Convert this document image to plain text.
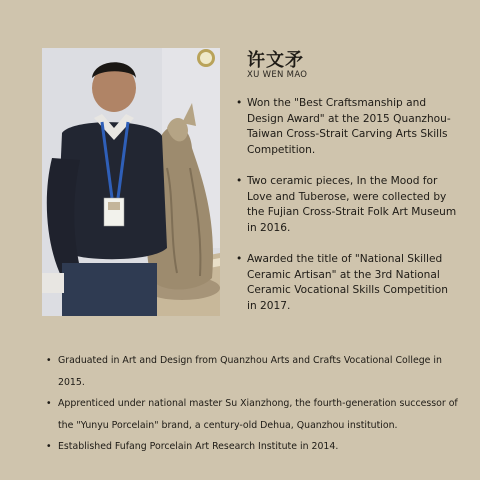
许文矛
XU WEN MAO
• Won the "Best Craftsmanship and Design Award" at the 2015 Quanzhou-Taiwan Cross-Strait Carving Arts Skills Competition.
• Two ceramic pieces, In the Mood for Love and Tuberose, were collected by the Fujian Cross-Strait Folk Art Museum in 2016.
• Awarded the title of "National Skilled Ceramic Artisan" at the 3rd National Ceramic Vocational Skills Competition in 2017.
• Graduated in Art and Design from Quanzhou Arts and Crafts Vocational College in 2015.
• Apprenticed under national master Su Xianzhong, the fourth-generation successor of the "Yunyu Porcelain" brand, a century-old Dehua, Quanzhou institution.
• Established Fufang Porcelain Art Research Institute in 2014.
